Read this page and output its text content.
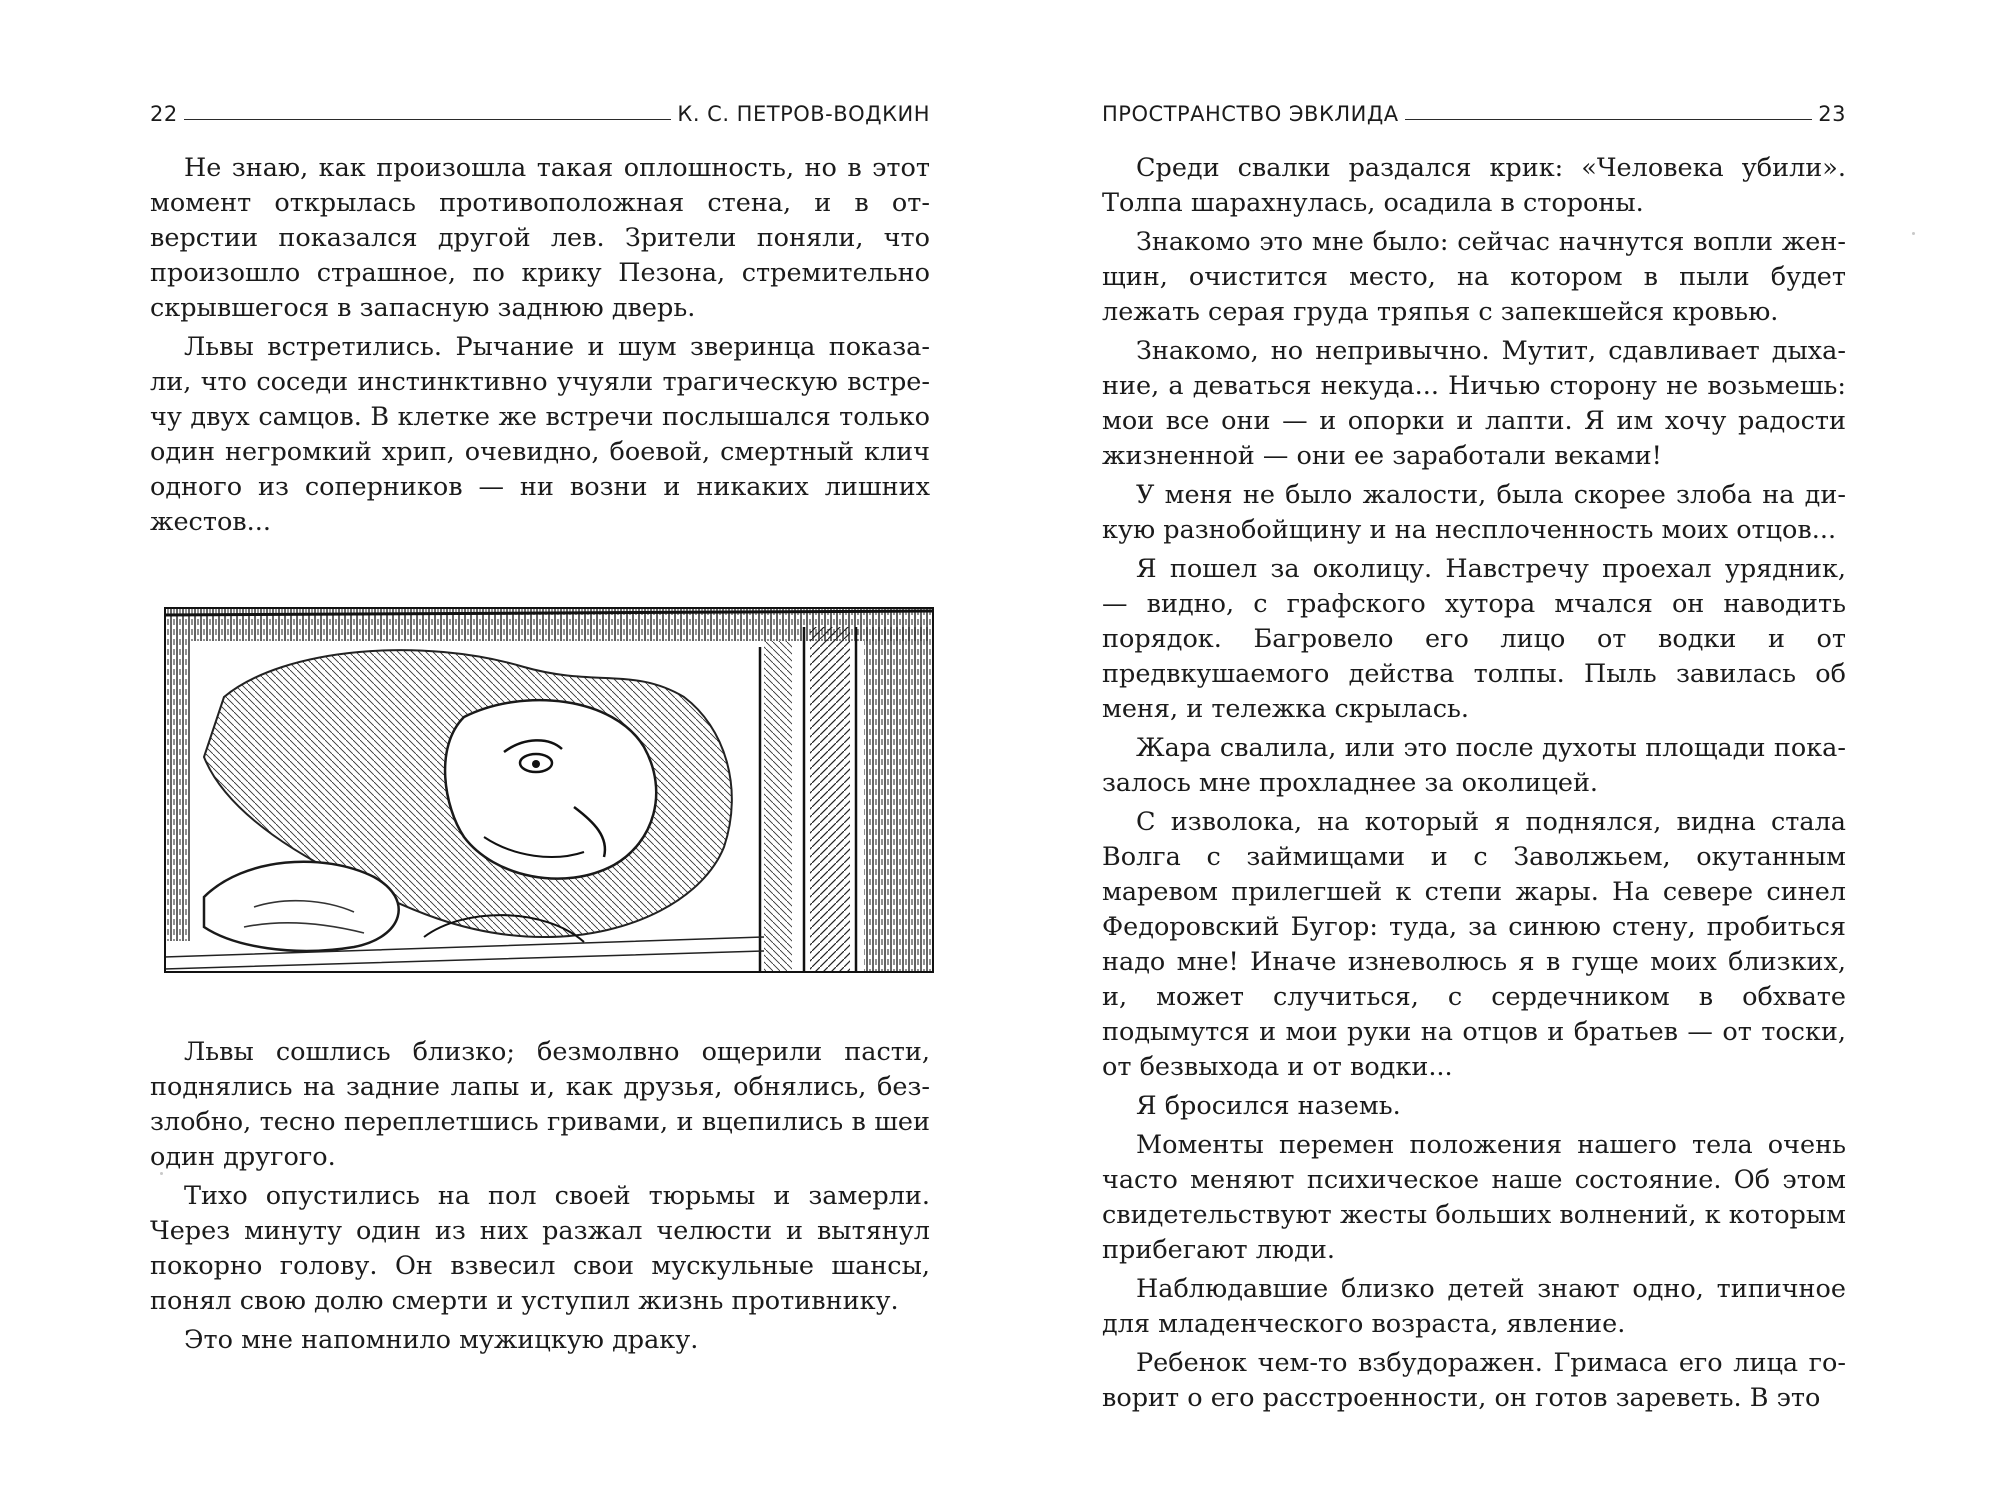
22	К. С. ПЕТРОВ-ВОДКИН

Не знаю, как произошла такая оплошность, но в этот момент открылась противоположная стена, и в отверстии показался другой лев. Зрители поняли, что произошло страшное, по крику Пезона, стремительно скрывшегося в запасную заднюю дверь.

Львы встретились. Рычание и шум зверинца показали, что соседи инстинктивно учуяли трагическую встречу двух самцов. В клетке же встречи послышался только один негромкий хрип, очевидно, боевой, смертный клич одного из соперников — ни возни и никаких лишних жестов...

Львы сошлись близко; безмолвно ощерили пасти, поднялись на задние лапы и, как друзья, обнялись, беззлобно, тесно переплетшись гривами, и вцепились в шеи один другого.

Тихо опустились на пол своей тюрьмы и замерли. Через минуту один из них разжал челюсти и вытянул покорно голову. Он взвесил свои мускульные шансы, понял свою долю смерти и уступил жизнь противнику.

Это мне напомнило мужицкую драку.

ПРОСТРАНСТВО ЭВКЛИДА	23

Среди свалки раздался крик: «Человека убили». Толпа шарахнулась, осадила в стороны.

Знакомо это мне было: сейчас начнутся вопли женщин, очистится место, на котором в пыли будет лежать серая груда тряпья с запекшейся кровью.

Знакомо, но непривычно. Мутит, сдавливает дыхание, а деваться некуда... Ничью сторону не возьмешь: мои все они — и опорки и лапти. Я им хочу радости жизненной — они ее заработали веками!

У меня не было жалости, была скорее злоба на дикую разнобойщину и на несплоченность моих отцов...

Я пошел за околицу. Навстречу проехал урядник, — видно, с графского хутора мчался он наводить порядок. Багровело его лицо от водки и от предвкушаемого действа толпы. Пыль завилась об меня, и тележка скрылась.

Жара свалила, или это после духоты площади показалось мне прохладнее за околицей.

С изволока, на который я поднялся, видна стала Волга с займищами и с Заволжьем, окутанным маревом прилегшей к степи жары. На севере синел Федоровский Бугор: туда, за синюю стену, пробиться надо мне! Иначе изневолюсь я в гуще моих близких, и, может случиться, с сердечником в обхвате подымутся и мои руки на отцов и братьев — от тоски, от безвыхода и от водки...

Я бросился наземь.

Моменты перемен положения нашего тела очень часто меняют психическое наше состояние. Об этом свидетельствуют жесты больших волнений, к которым прибегают люди.

Наблюдавшие близко детей знают одно, типичное для младенческого возраста, явление.

Ребенок чем-то взбудоражен. Гримаса его лица говорит о его расстроенности, он готов зареветь. В это
